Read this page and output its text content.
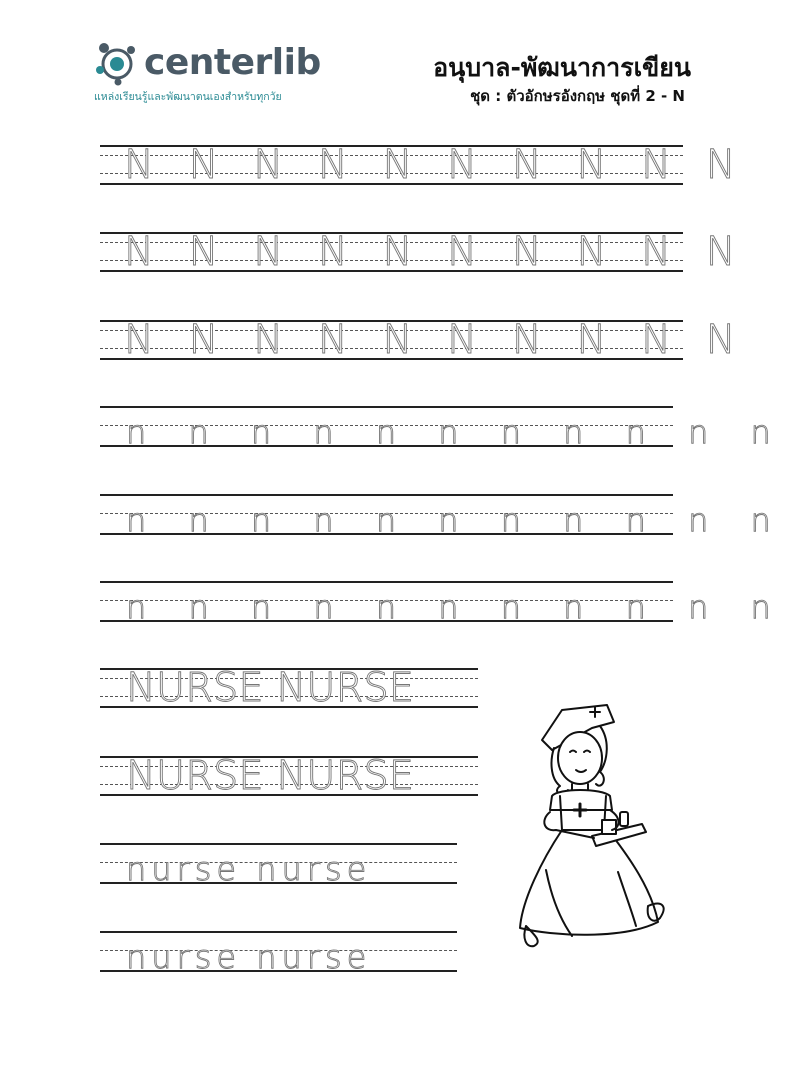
centerlib
แหล่งเรียนรู้และพัฒนาตนเองสำหรับทุกวัย
อนุบาล-พัฒนาการเขียน
ชุด : ตัวอักษรอังกฤษ ชุดที่ 2 - N
N N N N N N N N N N
N N N N N N N N N N
N N N N N N N N N N
n n n n n n n n n n n
n n n n n n n n n n n
n n n n n n n n n n n
NURSE NURSE
NURSE NURSE
nurse nurse
nurse nurse
